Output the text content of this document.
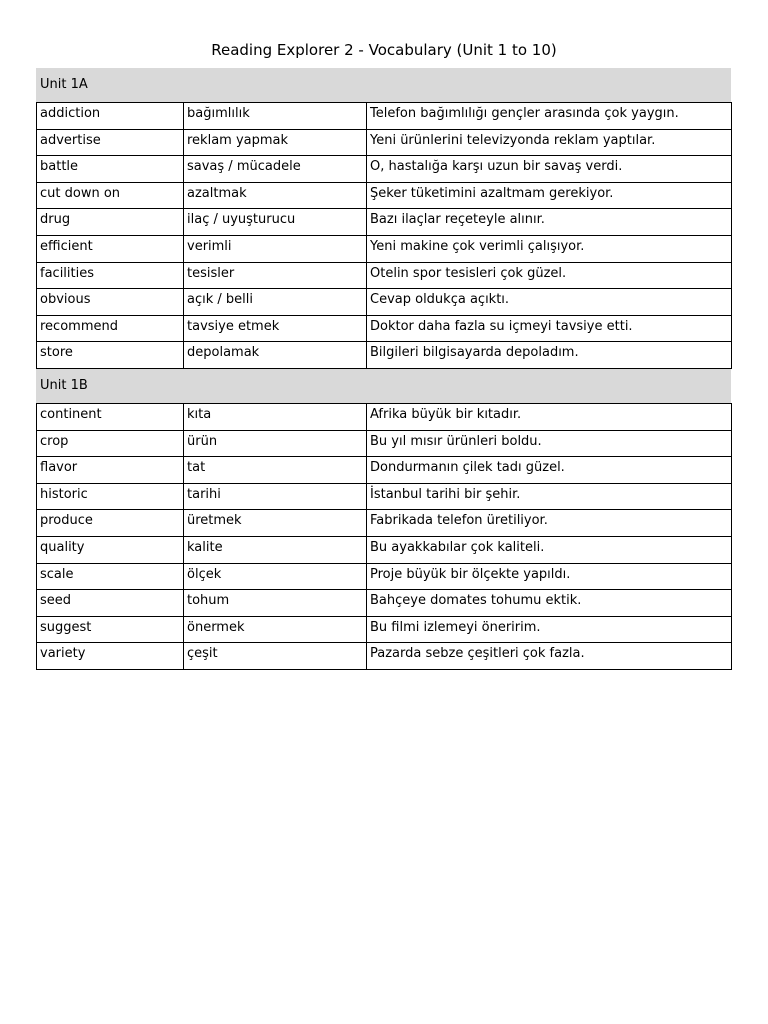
Reading Explorer 2 - Vocabulary (Unit 1 to 10)
Unit 1A
addiction	bağımlılık	Telefon bağımlılığı gençler arasında çok yaygın.
advertise	reklam yapmak	Yeni ürünlerini televizyonda reklam yaptılar.
battle	savaş / mücadele	O, hastalığa karşı uzun bir savaş verdi.
cut down on	azaltmak	Şeker tüketimini azaltmam gerekiyor.
drug	ilaç / uyuşturucu	Bazı ilaçlar reçeteyle alınır.
efficient	verimli	Yeni makine çok verimli çalışıyor.
facilities	tesisler	Otelin spor tesisleri çok güzel.
obvious	açık / belli	Cevap oldukça açıktı.
recommend	tavsiye etmek	Doktor daha fazla su içmeyi tavsiye etti.
store	depolamak	Bilgileri bilgisayarda depoladım.
Unit 1B
continent	kıta	Afrika büyük bir kıtadır.
crop	ürün	Bu yıl mısır ürünleri boldu.
flavor	tat	Dondurmanın çilek tadı güzel.
historic	tarihi	İstanbul tarihi bir şehir.
produce	üretmek	Fabrikada telefon üretiliyor.
quality	kalite	Bu ayakkabılar çok kaliteli.
scale	ölçek	Proje büyük bir ölçekte yapıldı.
seed	tohum	Bahçeye domates tohumu ektik.
suggest	önermek	Bu filmi izlemeyi öneririm.
variety	çeşit	Pazarda sebze çeşitleri çok fazla.
